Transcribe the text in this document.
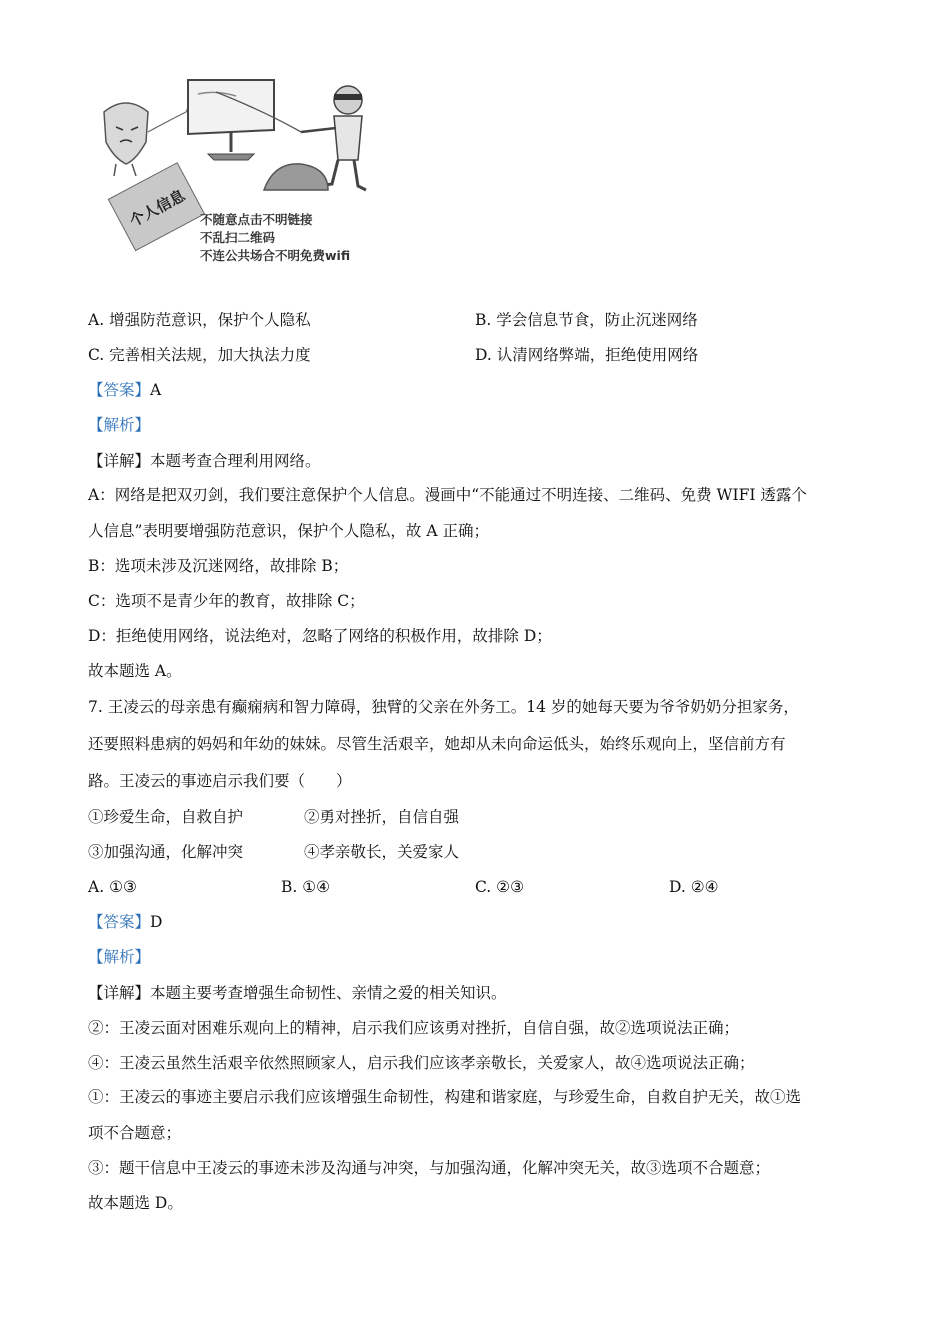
个人信息 不随意点击不明链接
不乱扫二维码
不连公共场合不明免费wifi
A. 增强防范意识，保护个人隐私	B. 学会信息节食，防止沉迷网络
C. 完善相关法规，加大执法力度	D. 认清网络弊端，拒绝使用网络
【答案】A
【解析】
【详解】本题考查合理利用网络。
A：网络是把双刃剑，我们要注意保护个人信息。漫画中“不能通过不明连接、二维码、免费 WIFI 透露个
人信息”表明要增强防范意识，保护个人隐私，故 A 正确；
B：选项未涉及沉迷网络，故排除 B；
C：选项不是青少年的教育，故排除 C；
D：拒绝使用网络，说法绝对，忽略了网络的积极作用，故排除 D；
故本题选 A。
7. 王凌云的母亲患有癫痫病和智力障碍，独臂的父亲在外务工。14 岁的她每天要为爷爷奶奶分担家务，
还要照料患病的妈妈和年幼的妹妹。尽管生活艰辛，她却从未向命运低头，始终乐观向上，坚信前方有
路。王凌云的事迹启示我们要（　　）
①珍爱生命，自救自护	②勇对挫折，自信自强
③加强沟通，化解冲突	④孝亲敬长，关爱家人
A. ①③	B. ①④	C. ②③	D. ②④
【答案】D
【解析】
【详解】本题主要考查增强生命韧性、亲情之爱的相关知识。
②：王凌云面对困难乐观向上的精神，启示我们应该勇对挫折，自信自强，故②选项说法正确；
④：王凌云虽然生活艰辛依然照顾家人，启示我们应该孝亲敬长，关爱家人，故④选项说法正确；
①：王凌云的事迹主要启示我们应该增强生命韧性，构建和谐家庭，与珍爱生命，自救自护无关，故①选
项不合题意；
③：题干信息中王凌云的事迹未涉及沟通与冲突，与加强沟通，化解冲突无关，故③选项不合题意；
故本题选 D。
